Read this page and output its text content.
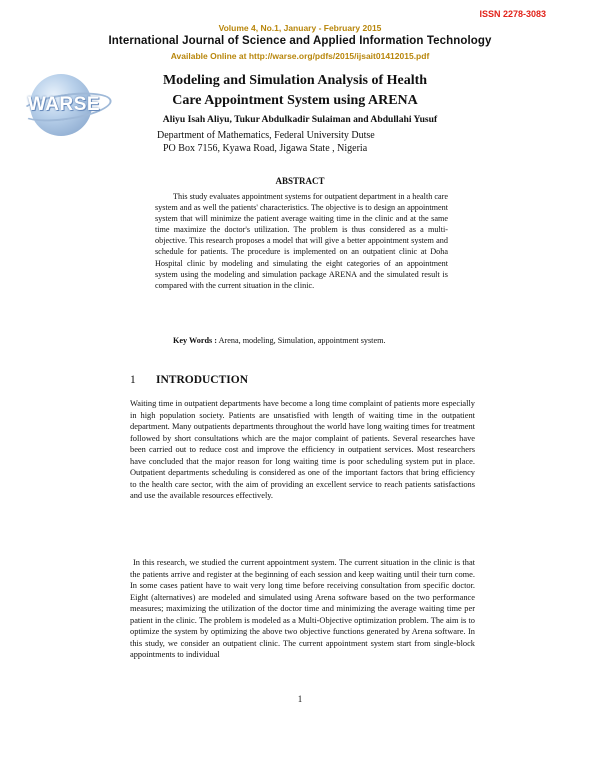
ISSN 2278-3083
Volume 4, No.1, January - February 2015
International Journal of Science and Applied Information Technology
Available Online at http://warse.org/pdfs/2015/ijsait01412015.pdf
WARSE
Modeling and Simulation Analysis of Health
Care Appointment System using ARENA
Aliyu Isah Aliyu, Tukur Abdulkadir Sulaiman and Abdullahi Yusuf
Department of Mathematics, Federal University Dutse
PO Box 7156, Kyawa Road, Jigawa State , Nigeria
ABSTRACT

This study evaluates appointment systems for outpatient department in a health care system and as well the patients' characteristics. The objective is to design an appointment system that will minimize the patient average waiting time in the clinic and at the same time maximize the doctor's utilization. The problem is thus considered as a multi-objective. This research proposes a model that will give a better appointment system and schedule for patients. The procedure is implemented on an outpatient clinic at Doha Hospital clinic by modeling and simulating the eight categories of an appointment system using the modeling and simulation package ARENA and the simulated result is compared with the current situation in the clinic.

Key Words : Arena, modeling, Simulation, appointment system.

1 INTRODUCTION

Waiting time in outpatient departments have become a long time complaint of patients more especially in high population society. Patients are unsatisfied with length of waiting time in the outpatient department. Many outpatients departments throughout the world have long waiting times for treatment followed by short consultations which are the major complaint of patients. Several researches have been carried out to reduce cost and improve the efficiency in outpatient services. Most researchers have concluded that the major reason for long waiting time is poor scheduling system put in place. Outpatient departments scheduling is considered as one of the important factors that bring efficiency to the health care sector, with the aim of providing an excellent service to reach patients satisfactions and use the available resources effectively.

In this research, we studied the current appointment system. The current situation in the clinic is that the patients arrive and register at the beginning of each session and keep waiting until their turn come. In some cases patient have to wait very long time before receiving consultation from specific doctor. Eight (alternatives) are modeled and simulated using Arena software based on the two performance measures; maximizing the utilization of the doctor time and minimizing the average waiting time per patient in the clinic. The problem is modeled as a Multi-Objective optimization problem. The aim is to optimize the system by optimizing the above two objective functions generated by Arena software. In this study, we consider an outpatient clinic. The current appointment system start from single-block appointments to individual

1
